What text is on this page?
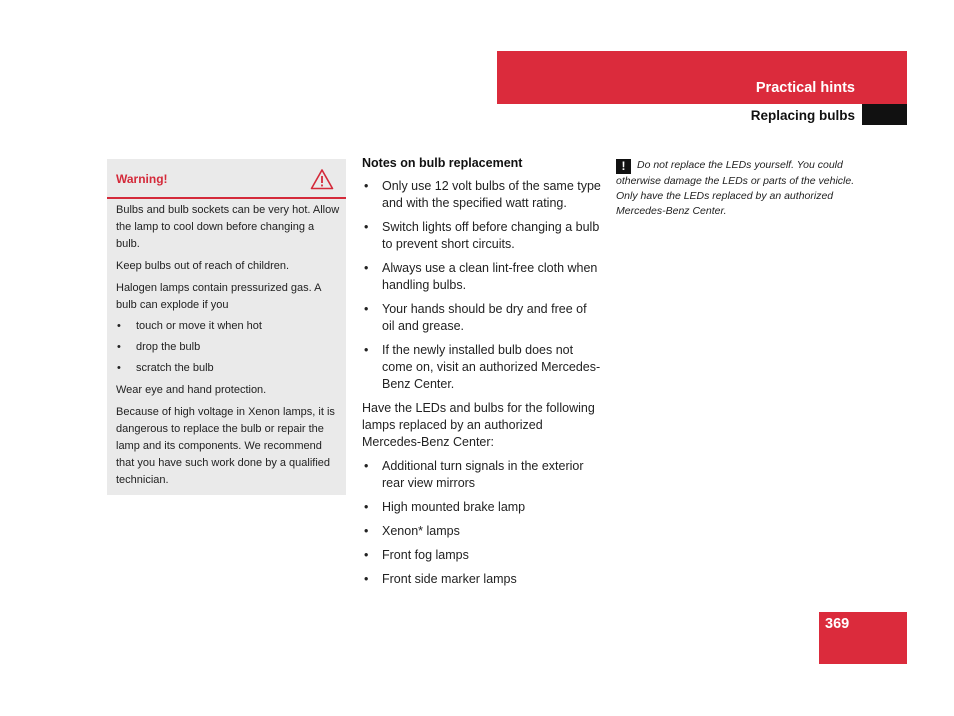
Practical hints
Replacing bulbs
Warning!

Bulbs and bulb sockets can be very hot. Allow the lamp to cool down before changing a bulb.

Keep bulbs out of reach of children.

Halogen lamps contain pressurized gas. A bulb can explode if you

• touch or move it when hot
• drop the bulb
• scratch the bulb

Wear eye and hand protection.

Because of high voltage in Xenon lamps, it is dangerous to replace the bulb or repair the lamp and its components. We recommend that you have such work done by a qualified technician.

Notes on bulb replacement
• Only use 12 volt bulbs of the same type and with the specified watt rating.
• Switch lights off before changing a bulb to prevent short circuits.
• Always use a clean lint-free cloth when handling bulbs.
• Your hands should be dry and free of oil and grease.
• If the newly installed bulb does not come on, visit an authorized Mercedes-Benz Center.

Have the LEDs and bulbs for the following lamps replaced by an authorized Mercedes-Benz Center:

• Additional turn signals in the exterior rear view mirrors
• High mounted brake lamp
• Xenon* lamps
• Front fog lamps
• Front side marker lamps
! Do not replace the LEDs yourself. You could otherwise damage the LEDs or parts of the vehicle. Only have the LEDs replaced by an authorized Mercedes-Benz Center.
369
